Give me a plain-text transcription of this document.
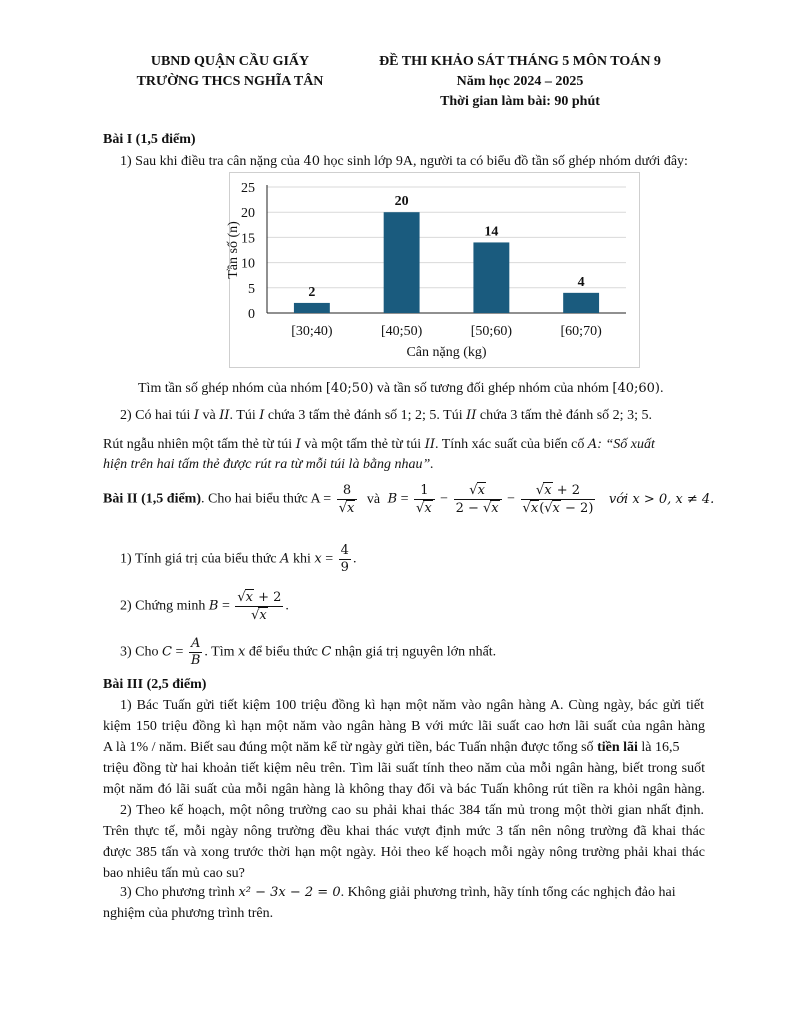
UBND QUẬN CẦU GIẤY
TRƯỜNG THCS NGHĨA TÂN
ĐỀ THI KHẢO SÁT THÁNG 5 MÔN TOÁN 9
Năm học 2024 – 2025
Thời gian làm bài: 90 phút
Bài I (1,5 điểm)
1) Sau khi điều tra cân nặng của 40 học sinh lớp 9A, người ta có biểu đồ tần số ghép nhóm dưới đây:
0
5
10
15
20
25
2
[30;40)
20
[40;50)
14
[50;60)
4
[60;70)
Cân nặng (kg)
Tần số (n)
Tìm tần số ghép nhóm của nhóm [40;50) và tần số tương đối ghép nhóm của nhóm [40;60).
2) Có hai túi I và II. Túi I chứa 3 tấm thẻ đánh số 1; 2; 5. Túi II chứa 3 tấm thẻ đánh số 2; 3; 5.
Rút ngẫu nhiên một tấm thẻ từ túi I và một tấm thẻ từ túi II. Tính xác suất của biến cố A: “Số xuất
hiện trên hai tấm thẻ được rút ra từ mỗi túi là bằng nhau”.
Bài II (1,5 điểm). Cho hai biểu thức $A = \frac{8}{√x}$ và $B = \frac{1}{√x} - \frac{√x}{2 - √x} - \frac{√x + 2}{√x(√x - 2)}$ với x > 0, x ≠ 4.
1) Tính giá trị của biểu thức A khi $x = \frac{4}{9}$ .
2) Chứng minh $B = \frac{√x + 2}{√x}$ .
3) Cho $C = \frac{A}{B}$ . Tìm x để biểu thức C nhận giá trị nguyên lớn nhất.
Bài III (2,5 điểm)
1) Bác Tuấn gửi tiết kiệm 100 triệu đồng kì hạn một năm vào ngân hàng A. Cùng ngày, bác gửi tiết
kiệm 150 triệu đồng kì hạn một năm vào ngân hàng B với mức lãi suất cao hơn lãi suất của ngân hàng
A là 1% / năm. Biết sau đúng một năm kể từ ngày gửi tiền, bác Tuấn nhận được tổng số tiền lãi là 16,5
triệu đồng từ hai khoản tiết kiệm nêu trên. Tìm lãi suất tính theo năm của mỗi ngân hàng, biết trong suốt
một năm đó lãi suất của mỗi ngân hàng là không thay đổi và bác Tuấn không rút tiền ra khỏi ngân hàng.
2) Theo kế hoạch, một nông trường cao su phải khai thác 384 tấn mủ trong một thời gian nhất định.
Trên thực tế, mỗi ngày nông trường đều khai thác vượt định mức 3 tấn nên nông trường đã khai thác
được 385 tấn và xong trước thời hạn một ngày. Hỏi theo kế hoạch mỗi ngày nông trường phải khai thác
bao nhiêu tấn mủ cao su?
3) Cho phương trình x² − 3x − 2 = 0. Không giải phương trình, hãy tính tổng các nghịch đảo hai
nghiệm của phương trình trên.
